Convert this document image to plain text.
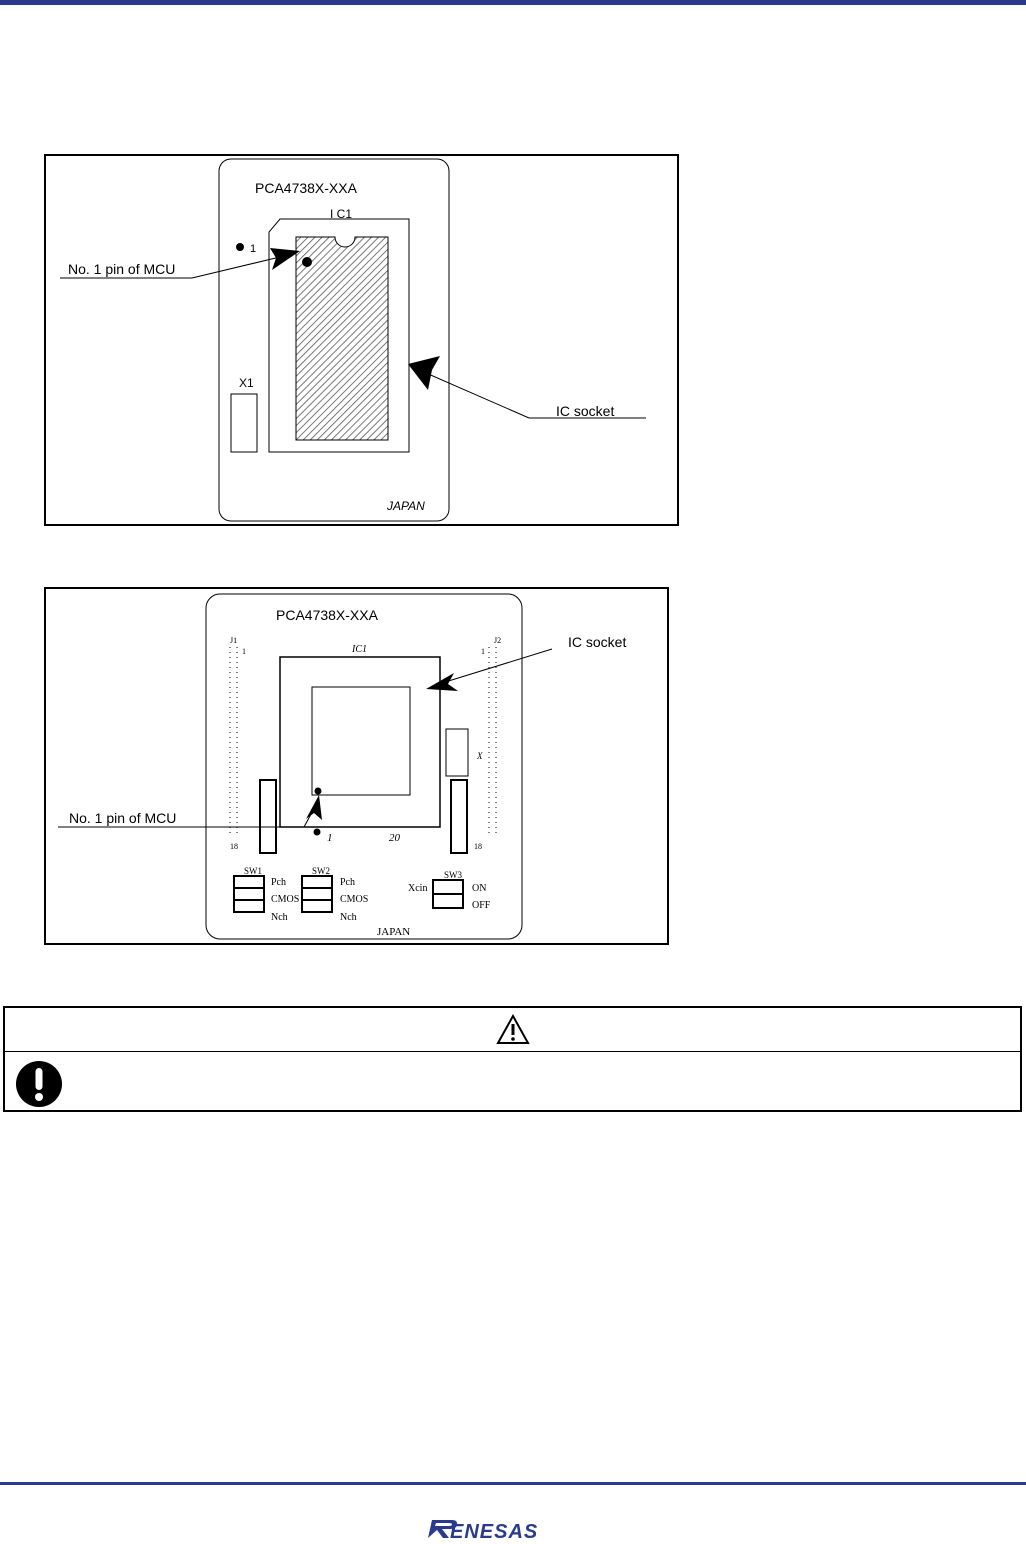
PCA4738X-XXA
I C1
1
X1
JAPAN
No. 1 pin of MCU
IC socket
PCA4738X-XXA
J1
1
18
J2
1
18
IC1
1	20
X
SW1
Pch
CMOS
Nch
SW2
Pch
CMOS
Nch
SW3
Xcin	ON
OFF
JAPAN
IC socket
No. 1 pin of MCU
ENESAS
